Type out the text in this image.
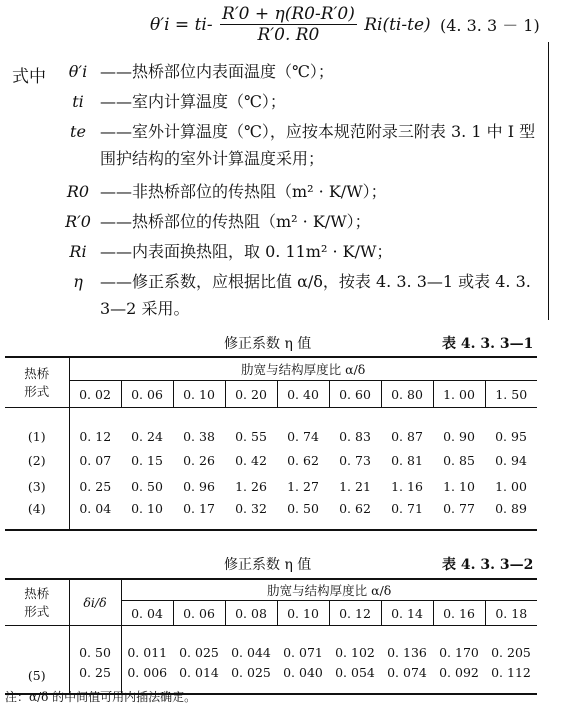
$\theta'i = ti- \frac{R'0 + \eta(R0-R'0)}{R'0. R0} Ri(ti-te)$ (4. 3. 3 － 1)
式中	θ′i ——热桥部位内表面温度（℃）；
ti	——室内计算温度（℃）；
te ——室外计算温度（℃），应按本规范附录三附表 3. 1 中 I 型围护结构的室外计算温度采用；
R0 ——非热桥部位的传热阻（m² · K/W）；
R′0 ——热桥部位的传热阻（m² · K/W）；
Ri ——内表面换热阻，取 0. 11m² · K/W；
η	——修正系数，应根据比值 α/δ，按表 4. 3. 3—1 或表 4. 3. 3—2 采用。
修正系数 η 值	表 4. 3. 3—1
热桥
形式	肋宽与结构厚度比 α/δ								
	0. 02	0. 06	0. 10	0. 20	0. 40	0. 60	0. 80	1. 00	1. 50
(1)	0. 12	0. 24	0. 38	0. 55	0. 74	0. 83	0. 87	0. 90	0. 95
(2)	0. 07	0. 15	0. 26	0. 42	0. 62	0. 73	0. 81	0. 85	0. 94
(3)	0. 25	0. 50	0. 96	1. 26	1. 27	1. 21	1. 16	1. 10	1. 00
(4)	0. 04	0. 10	0. 17	0. 32	0. 50	0. 62	0. 71	0. 77	0. 89
修正系数 η 值	表 4. 3. 3—2
热桥
形式	δi/δ	肋宽与结构厚度比 α/δ							
		0. 04	0. 06	0. 08	0. 10	0. 12	0. 14	0. 16	0. 18
(5)	0. 50	0. 011	0. 025	0. 044	0. 071	0. 102	0. 136	0. 170	0. 205
	0. 25	0. 006	0. 014	0. 025	0. 040	0. 054	0. 074	0. 092	0. 112
注：α/δ 的中间值可用内插法确定。
